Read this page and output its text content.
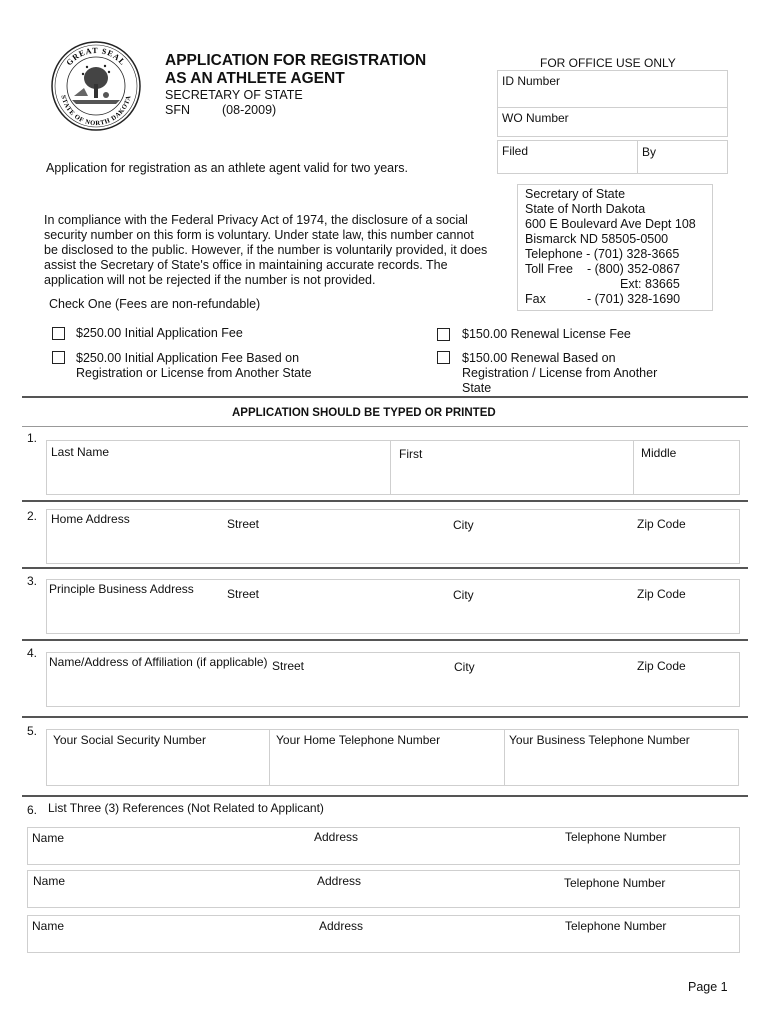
GREAT SEAL
STATE OF NORTH DAKOTA
APPLICATION FOR REGISTRATION
AS AN ATHLETE AGENT
SECRETARY OF STATE
SFN	(08-2009)
FOR OFFICE USE ONLY
ID Number
WO Number
Filed	By
Application for registration as an athlete agent valid for two years.
In compliance with the Federal Privacy Act of 1974, the disclosure of a social
security number on this form is voluntary. Under state law, this number cannot
be disclosed to the public. However, if the number is voluntarily provided, it does
assist the Secretary of State's office in maintaining accurate records. The
application will not be rejected if the number is not provided.
Secretary of State
State of North Dakota
600 E Boulevard Ave Dept 108
Bismarck ND 58505-0500
Telephone - (701) 328-3665
Toll Free - (800) 352-0867
Ext: 83665
Fax	- (701) 328-1690
Check One (Fees are non-refundable)
$250.00 Initial Application Fee
$250.00 Initial Application Fee Based on
Registration or License from Another State
$150.00 Renewal License Fee
$150.00 Renewal Based on
Registration / License from Another
State
APPLICATION SHOULD BE TYPED OR PRINTED
1.
Last Name	First	Middle
2. Home Address	Street	City	Zip Code
3.
Principle Business Address	Street	City	Zip Code
4.
Name/Address of Affiliation (if applicable) Street	City	Zip Code
5.
Your Social Security Number	Your Home Telephone Number	Your Business Telephone Number
6. List Three (3) References (Not Related to Applicant)
Name	Address	Telephone Number
Name	Address	Telephone Number
Name	Address	Telephone Number
Page 1
